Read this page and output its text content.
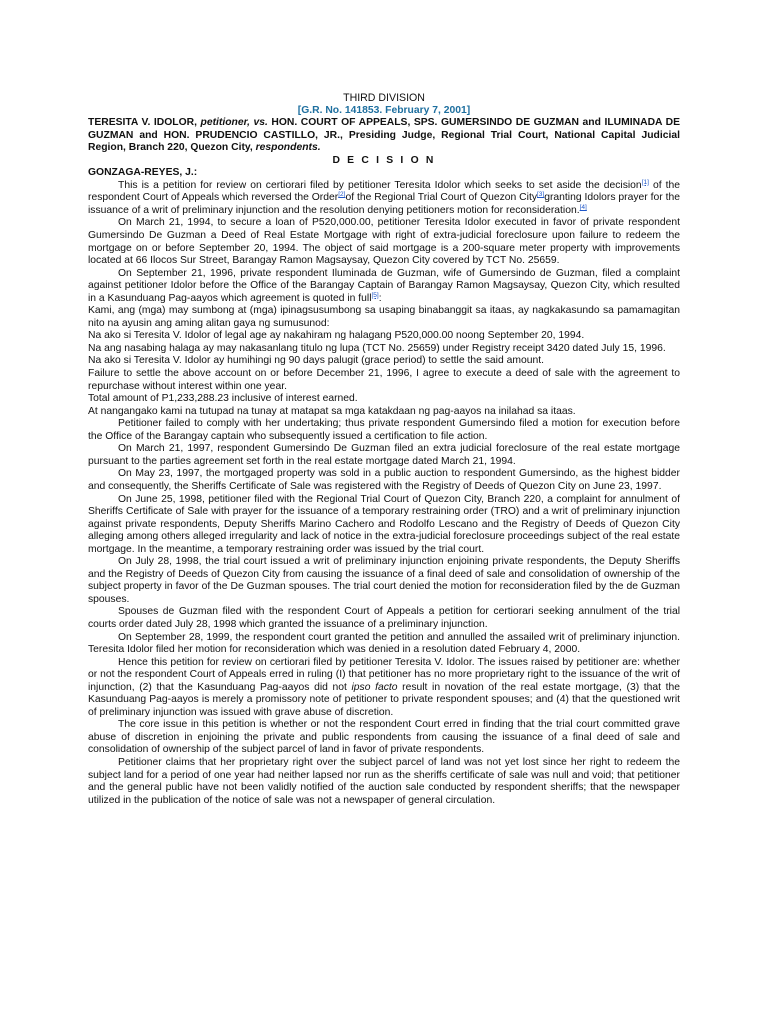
THIRD DIVISION
[G.R. No. 141853. February 7, 2001]
TERESITA V. IDOLOR, petitioner, vs. HON. COURT OF APPEALS, SPS. GUMERSINDO DE GUZMAN and ILUMINADA DE GUZMAN and HON. PRUDENCIO CASTILLO, JR., Presiding Judge, Regional Trial Court, National Capital Judicial Region, Branch 220, Quezon City, respondents.
D E C I S I O N
GONZAGA-REYES, J.:

This is a petition for review on certiorari filed by petitioner Teresita Idolor which seeks to set aside the decision[1] of the respondent Court of Appeals which reversed the Order[2]of the Regional Trial Court of Quezon City[3]granting Idolors prayer for the issuance of a writ of preliminary injunction and the resolution denying petitioners motion for reconsideration.[4]

On March 21, 1994, to secure a loan of P520,000.00, petitioner Teresita Idolor executed in favor of private respondent Gumersindo De Guzman a Deed of Real Estate Mortgage with right of extra-judicial foreclosure upon failure to redeem the mortgage on or before September 20, 1994. The object of said mortgage is a 200-square meter property with improvements located at 66 Ilocos Sur Street, Barangay Ramon Magsaysay, Quezon City covered by TCT No. 25659.

On September 21, 1996, private respondent Iluminada de Guzman, wife of Gumersindo de Guzman, filed a complaint against petitioner Idolor before the Office of the Barangay Captain of Barangay Ramon Magsaysay, Quezon City, which resulted in a Kasunduang Pag-aayos which agreement is quoted in full[5]:

Kami, ang (mga) may sumbong at (mga) ipinagsusumbong sa usaping binabanggit sa itaas, ay nagkakasundo sa pamamagitan nito na ayusin ang aming alitan gaya ng sumusunod:

Na ako si Teresita V. Idolor of legal age ay nakahiram ng halagang P520,000.00 noong September 20, 1994.

Na ang nasabing halaga ay may nakasanlang titulo ng lupa (TCT No. 25659) under Registry receipt 3420 dated July 15, 1996.

Na ako si Teresita V. Idolor ay humihingi ng 90 days palugit (grace period) to settle the said amount.

Failure to settle the above account on or before December 21, 1996, I agree to execute a deed of sale with the agreement to repurchase without interest within one year.

Total amount of P1,233,288.23 inclusive of interest earned.

At nangangako kami na tutupad na tunay at matapat sa mga katakdaan ng pag-aayos na inilahad sa itaas.

Petitioner failed to comply with her undertaking; thus private respondent Gumersindo filed a motion for execution before the Office of the Barangay captain who subsequently issued a certification to file action.

On March 21, 1997, respondent Gumersindo De Guzman filed an extra judicial foreclosure of the real estate mortgage pursuant to the parties agreement set forth in the real estate mortgage dated March 21, 1994.

On May 23, 1997, the mortgaged property was sold in a public auction to respondent Gumersindo, as the highest bidder and consequently, the Sheriffs Certificate of Sale was registered with the Registry of Deeds of Quezon City on June 23, 1997.

On June 25, 1998, petitioner filed with the Regional Trial Court of Quezon City, Branch 220, a complaint for annulment of Sheriffs Certificate of Sale with prayer for the issuance of a temporary restraining order (TRO) and a writ of preliminary injunction against private respondents, Deputy Sheriffs Marino Cachero and Rodolfo Lescano and the Registry of Deeds of Quezon City alleging among others alleged irregularity and lack of notice in the extra-judicial foreclosure proceedings subject of the real estate mortgage. In the meantime, a temporary restraining order was issued by the trial court.

On July 28, 1998, the trial court issued a writ of preliminary injunction enjoining private respondents, the Deputy Sheriffs and the Registry of Deeds of Quezon City from causing the issuance of a final deed of sale and consolidation of ownership of the subject property in favor of the De Guzman spouses. The trial court denied the motion for reconsideration filed by the de Guzman spouses.

Spouses de Guzman filed with the respondent Court of Appeals a petition for certiorari seeking annulment of the trial courts order dated July 28, 1998 which granted the issuance of a preliminary injunction.

On September 28, 1999, the respondent court granted the petition and annulled the assailed writ of preliminary injunction. Teresita Idolor filed her motion for reconsideration which was denied in a resolution dated February 4, 2000.

Hence this petition for review on certiorari filed by petitioner Teresita V. Idolor. The issues raised by petitioner are: whether or not the respondent Court of Appeals erred in ruling (I) that petitioner has no more proprietary right to the issuance of the writ of injunction, (2) that the Kasunduang Pag-aayos did not ipso facto result in novation of the real estate mortgage, (3) that the Kasunduang Pag-aayos is merely a promissory note of petitioner to private respondent spouses; and (4) that the questioned writ of preliminary injunction was issued with grave abuse of discretion.

The core issue in this petition is whether or not the respondent Court erred in finding that the trial court committed grave abuse of discretion in enjoining the private and public respondents from causing the issuance of a final deed of sale and consolidation of ownership of the subject parcel of land in favor of private respondents.

Petitioner claims that her proprietary right over the subject parcel of land was not yet lost since her right to redeem the subject land for a period of one year had neither lapsed nor run as the sheriffs certificate of sale was null and void; that petitioner and the general public have not been validly notified of the auction sale conducted by respondent sheriffs; that the newspaper utilized in the publication of the notice of sale was not a newspaper of general circulation.
